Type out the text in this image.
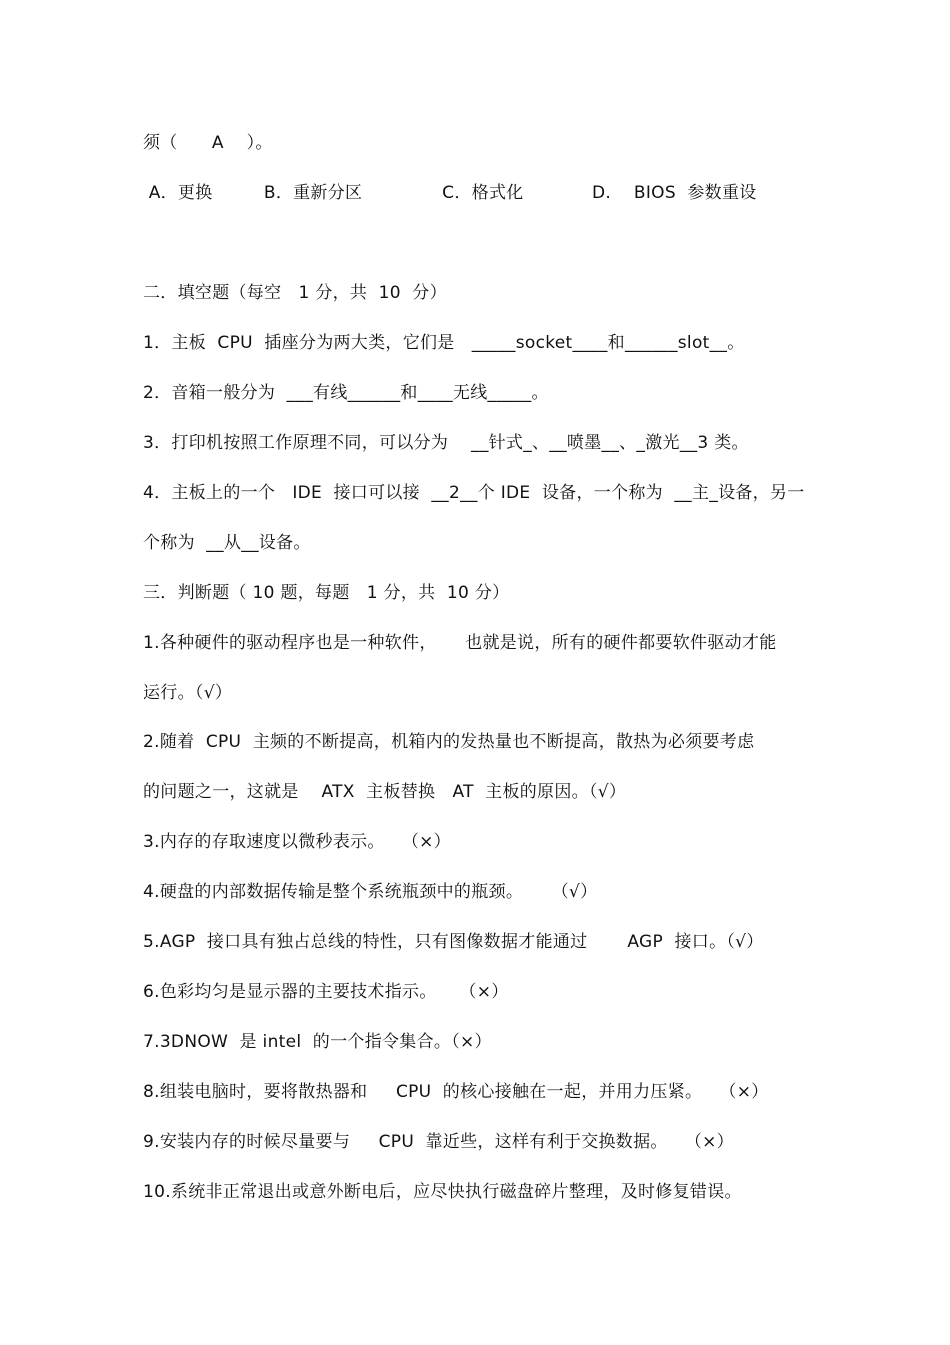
须（      A    ）。
A．更换         B．重新分区              C．格式化            D.    BIOS  参数重设
二．填空题（每空   1 分，共  10  分）
1．主板  CPU  插座分为两大类，它们是   _____socket____和______slot__。
2．音箱一般分为  ___有线______和____无线_____。
3．打印机按照工作原理不同，可以分为    __针式_、__喷墨__、_激光__3 类。
4．主板上的一个   IDE  接口可以接  __2__个 IDE  设备，一个称为  __主_设备，另一
个称为  __从__设备。
三．判断题（ 10 题，每题   1 分，共  10 分）
1.各种硬件的驱动程序也是一种软件，     也就是说，所有的硬件都要软件驱动才能
运行。（√）
2.随着  CPU  主频的不断提高，机箱内的发热量也不断提高，散热为必须要考虑
的问题之一，这就是    ATX  主板替换   AT  主板的原因。（√）
3.内存的存取速度以微秒表示。   （×）
4.硬盘的内部数据传输是整个系统瓶颈中的瓶颈。     （√）
5.AGP  接口具有独占总线的特性，只有图像数据才能通过       AGP  接口。（√）
6.色彩均匀是显示器的主要技术指示。    （×）
7.3DNOW  是 intel  的一个指令集合。（×）
8.组装电脑时，要将散热器和     CPU  的核心接触在一起，并用力压紧。   （×）
9.安装内存的时候尽量要与     CPU  靠近些，这样有利于交换数据。   （×）
10.系统非正常退出或意外断电后，应尽快执行磁盘碎片整理，及时修复错误。
